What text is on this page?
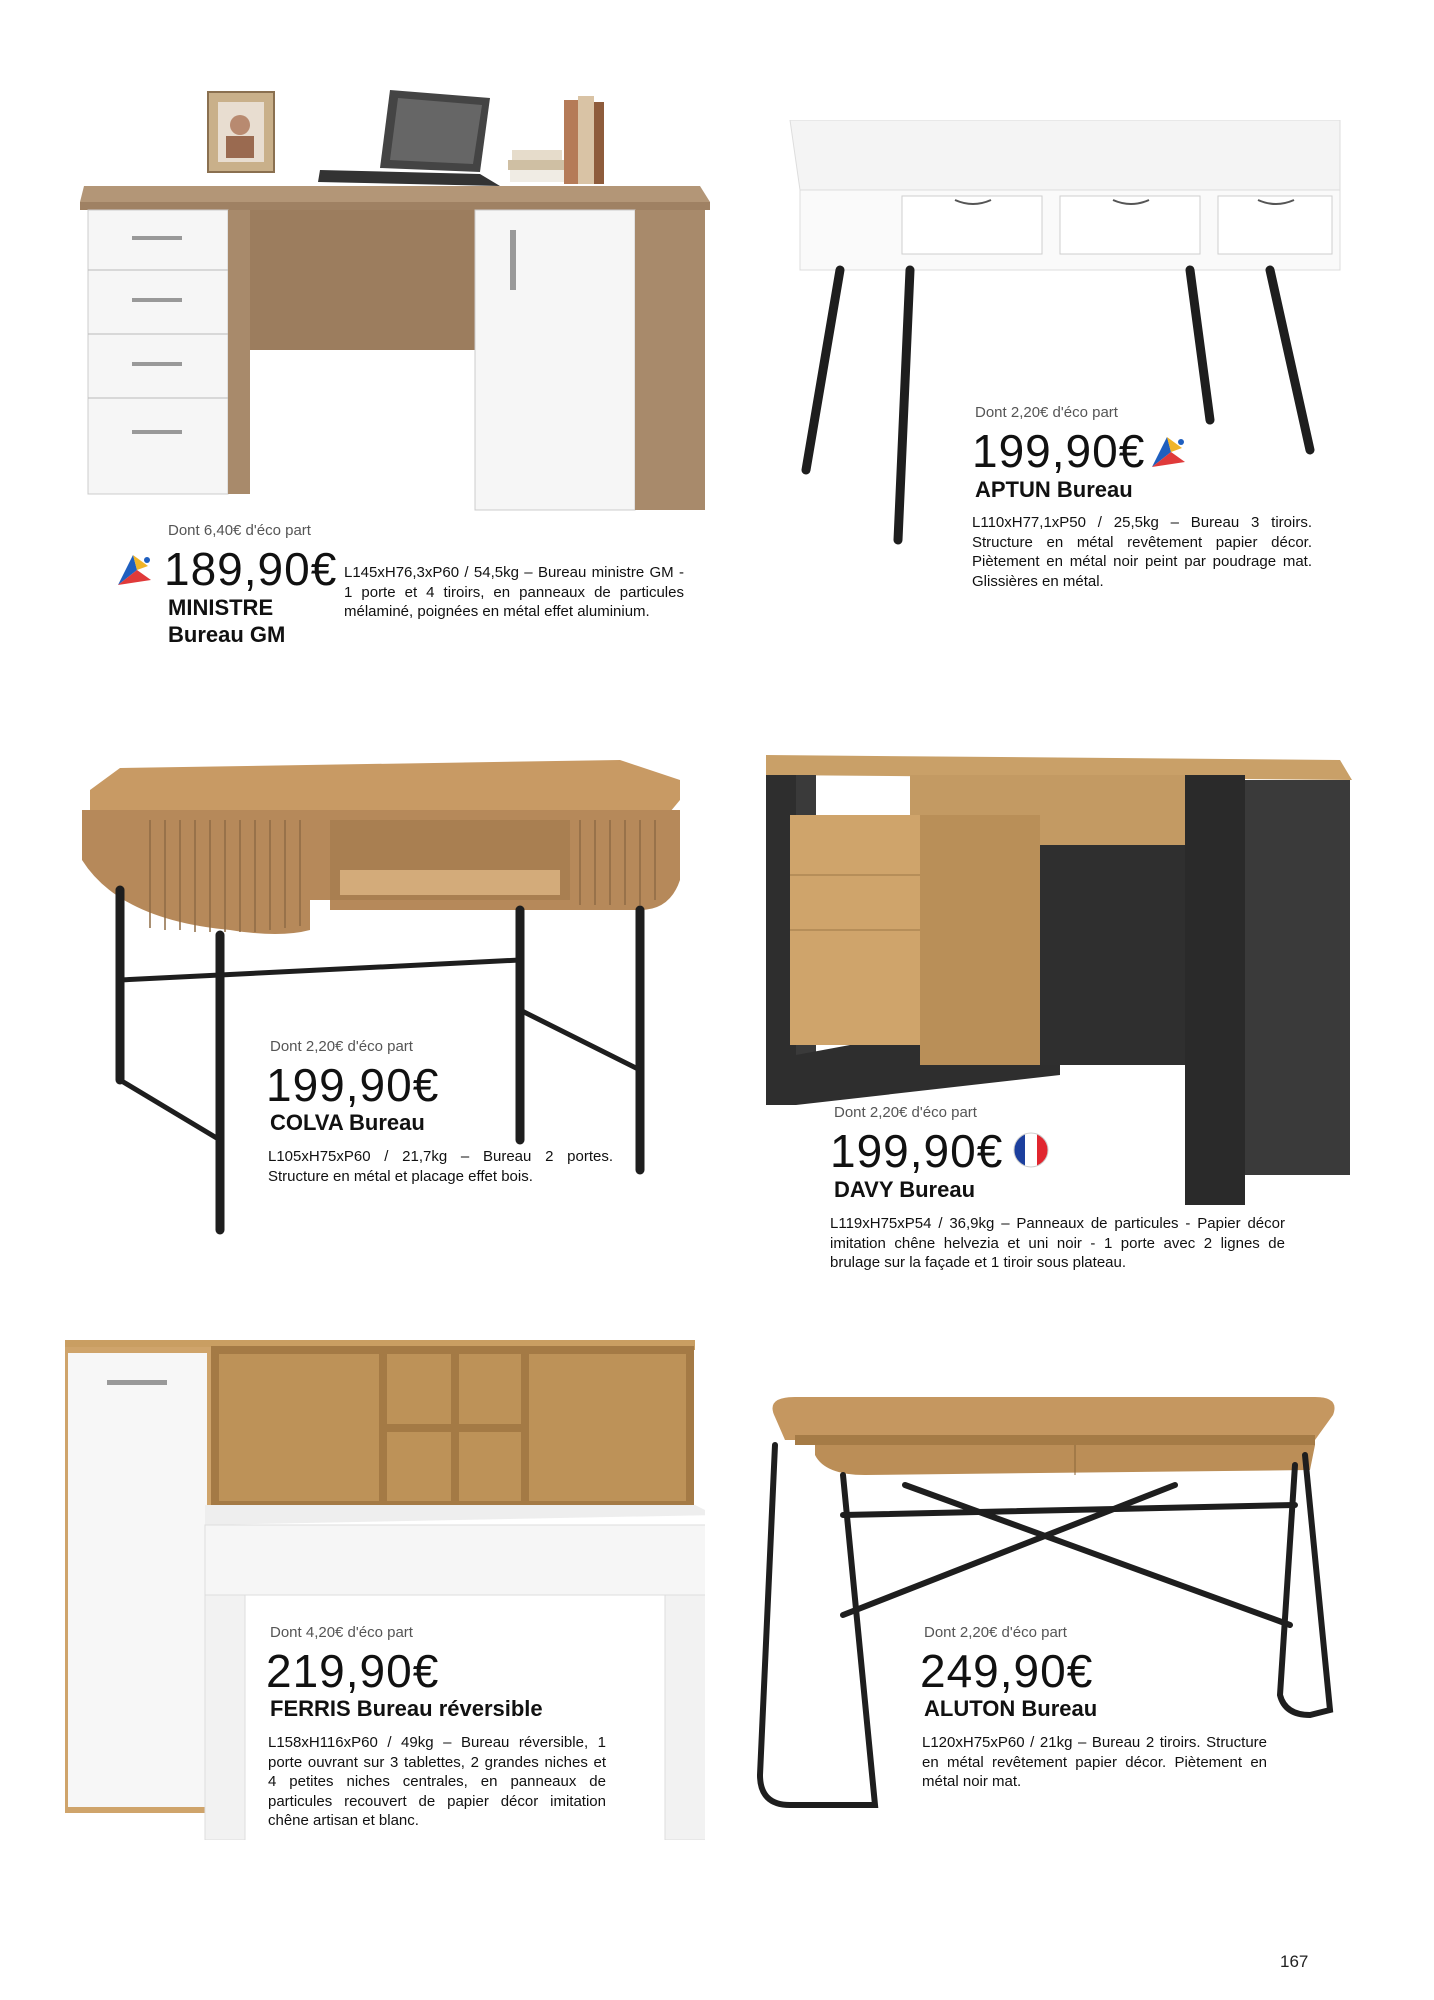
Dont 6,40€ d'éco part
189,90€
MINISTRE
Bureau GM
L145xH76,3xP60 / 54,5kg – Bureau ministre GM - 1 porte et 4 tiroirs, en panneaux de particules mélaminé, poignées en métal effet aluminium.
Dont 2,20€ d'éco part
199,90€
APTUN Bureau
L110xH77,1xP50 / 25,5kg – Bureau 3 tiroirs. Structure en métal revêtement papier décor. Piètement en métal noir peint par poudrage mat. Glissières en métal.
Dont 2,20€ d'éco part
199,90€
COLVA Bureau
L105xH75xP60 / 21,7kg – Bureau 2 portes. Structure en métal et placage effet bois.
Dont 2,20€ d'éco part
199,90€
DAVY Bureau
L119xH75xP54 / 36,9kg – Panneaux de particules - Papier décor imitation chêne helvezia et uni noir - 1 porte avec 2 lignes de brulage sur la façade et 1 tiroir sous plateau.
Dont 4,20€ d'éco part
219,90€
FERRIS Bureau réversible
L158xH116xP60 / 49kg – Bureau réversible, 1 porte ouvrant sur 3 tablettes, 2 grandes niches et 4 petites niches centrales, en panneaux de particules recouvert de papier décor imitation chêne artisan et blanc.
Dont 2,20€ d'éco part
249,90€
ALUTON Bureau
L120xH75xP60 / 21kg – Bureau 2 tiroirs. Structure en métal revêtement papier décor. Piètement en métal noir mat.
167
